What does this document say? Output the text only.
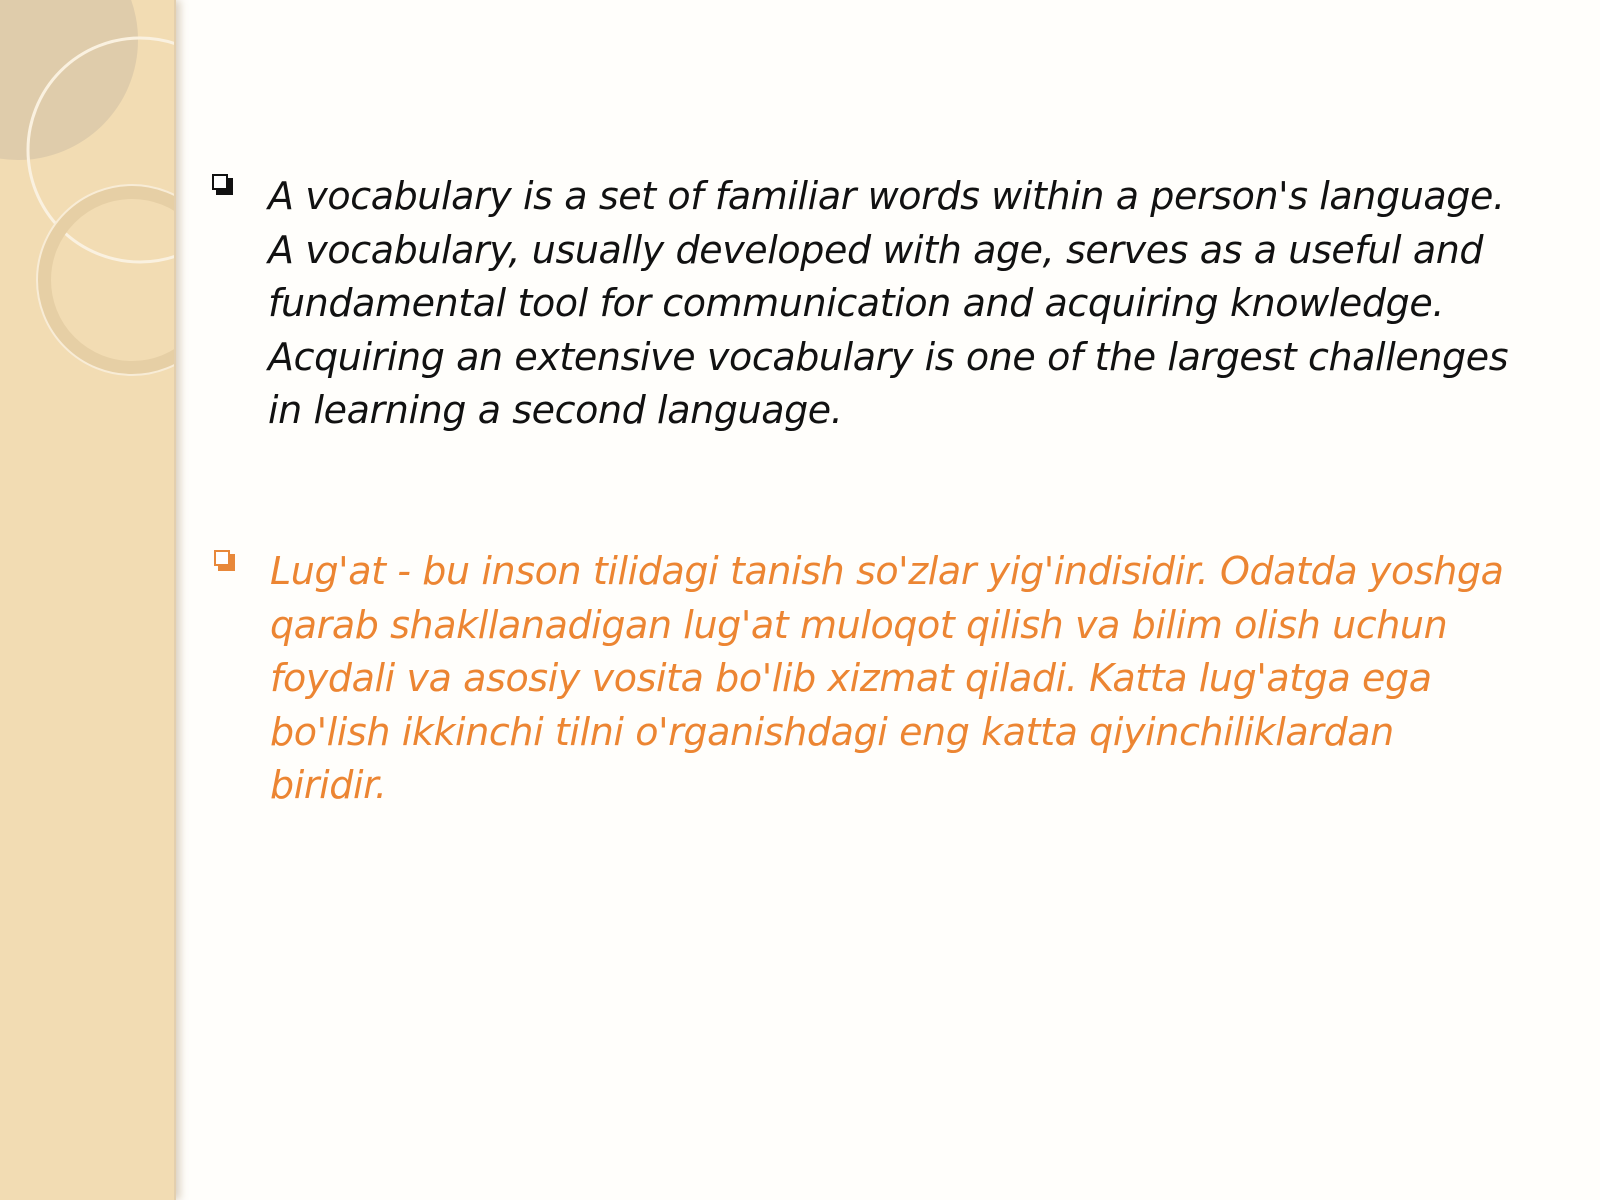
A vocabulary is a set of familiar words within a person's language. A vocabulary, usually developed with age, serves as a useful and fundamental tool for communication and acquiring knowledge. Acquiring an extensive vocabulary is one of the largest challenges in learning a second language.

Lug'at - bu inson tilidagi tanish so'zlar yig'indisidir. Odatda yoshga qarab shakllanadigan lug'at muloqot qilish va bilim olish uchun foydali va asosiy vosita bo'lib xizmat qiladi. Katta lug'atga ega bo'lish ikkinchi tilni o'rganishdagi eng katta qiyinchiliklardan biridir.
